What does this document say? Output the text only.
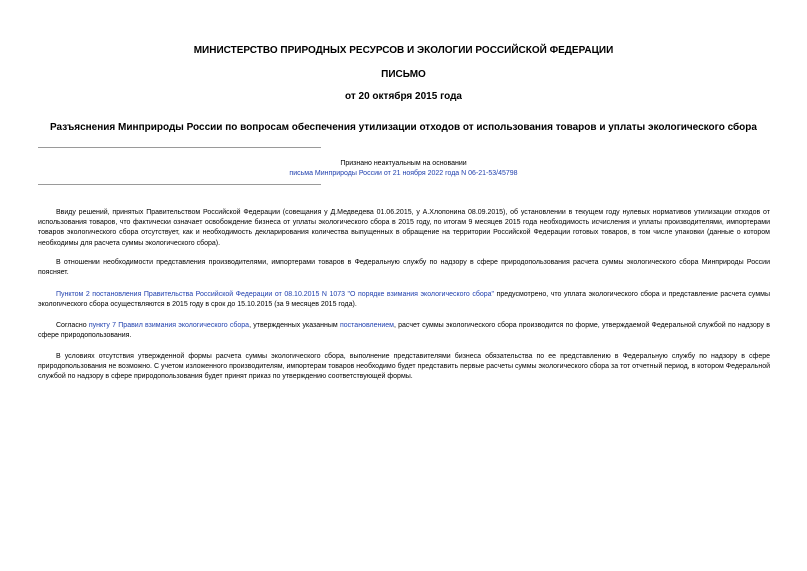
МИНИСТЕРСТВО ПРИРОДНЫХ РЕСУРСОВ И ЭКОЛОГИИ РОССИЙСКОЙ ФЕДЕРАЦИИ
ПИСЬМО
от 20 октября 2015 года
Разъяснения Минприроды России по вопросам обеспечения утилизации отходов от использования товаров и уплаты экологического сбора
Признано неактуальным на основании
письма Минприроды России от 21 ноября 2022 года N 06-21-53/45798
Ввиду решений, принятых Правительством Российской Федерации (совещания у Д.Медведева 01.06.2015, у А.Хлопонина 08.09.2015), об установлении в текущем году нулевых нормативов утилизации отходов от использования товаров, что фактически означает освобождение бизнеса от уплаты экологического сбора в 2015 году, по итогам 9 месяцев 2015 года необходимость исчисления и уплаты производителями, импортерами товаров экологического сбора отсутствует, как и необходимость декларирования количества выпущенных в обращение на территории Российской Федерации готовых товаров, в том числе упаковки (данные о котором необходимы для расчета суммы экологического сбора).
В отношении необходимости представления производителями, импортерами товаров в Федеральную службу по надзору в сфере природопользования расчета суммы экологического сбора Минприроды России поясняет.
Пунктом 2 постановления Правительства Российской Федерации от 08.10.2015 N 1073 "О порядке взимания экологического сбора" предусмотрено, что уплата экологического сбора и представление расчета суммы экологического сбора осуществляются в 2015 году в срок до 15.10.2015 (за 9 месяцев 2015 года).
Согласно пункту 7 Правил взимания экологического сбора, утвержденных указанным постановлением, расчет суммы экологического сбора производится по форме, утверждаемой Федеральной службой по надзору в сфере природопользования.
В условиях отсутствия утвержденной формы расчета суммы экологического сбора, выполнение представителями бизнеса обязательства по ее представлению в Федеральную службу по надзору в сфере природопользования не возможно. С учетом изложенного производителям, импортерам товаров необходимо будет представить первые расчеты суммы экологического сбора за тот отчетный период, в котором Федеральной службой по надзору в сфере природопользования будет принят приказ по утверждению соответствующей формы.
